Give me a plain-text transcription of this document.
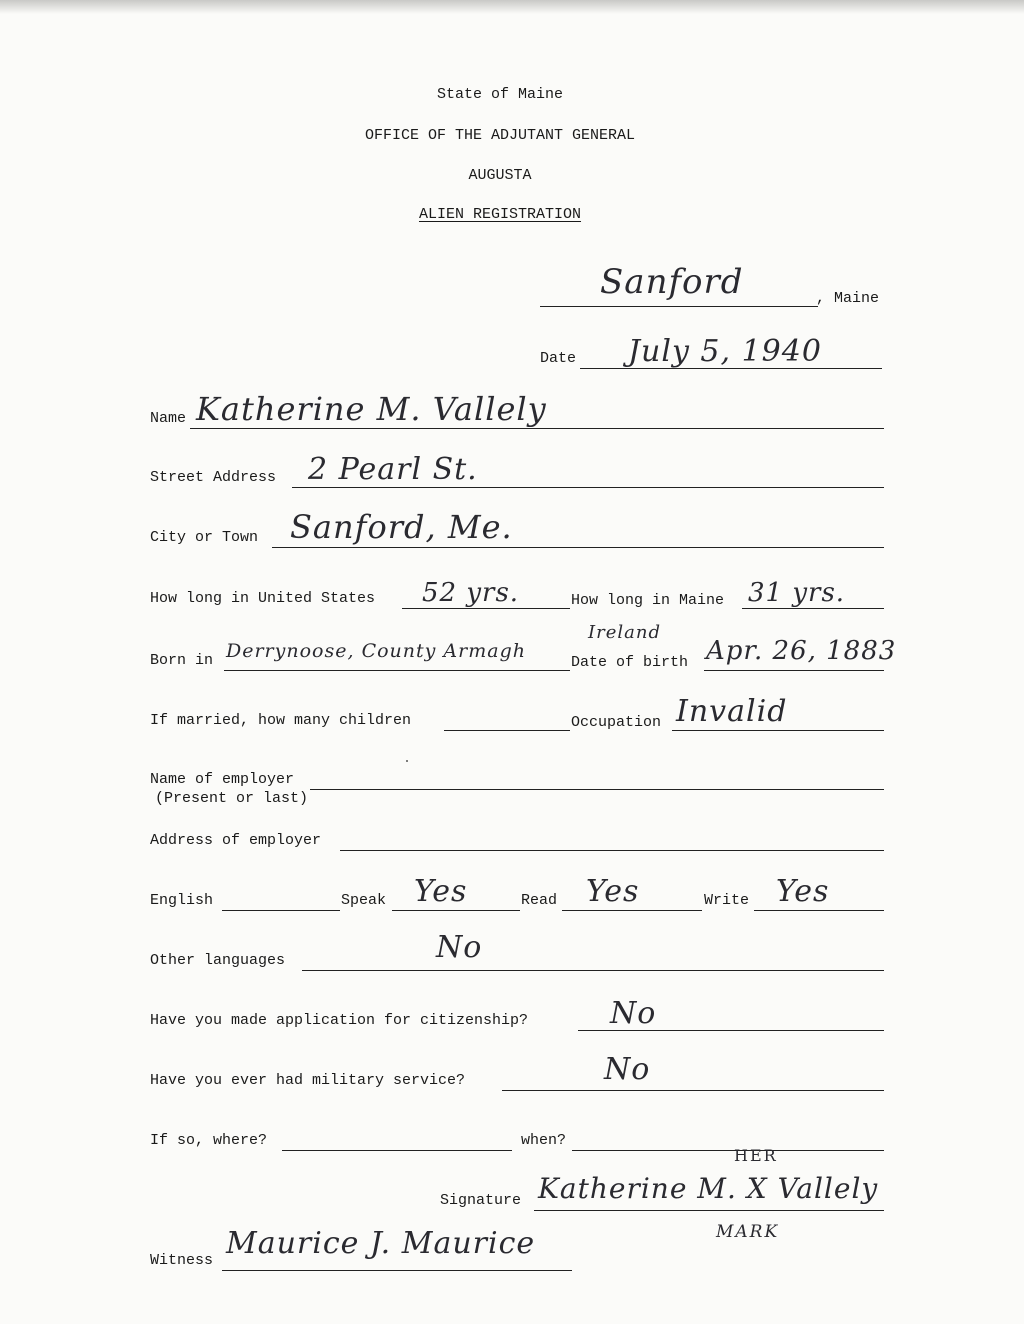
State of Maine
OFFICE OF THE ADJUTANT GENERAL
AUGUSTA
ALIEN REGISTRATION
Sanford	, Maine
Date July 5, 1940
Name Katherine M. Vallely
Street Address 2 Pearl St.
City or Town Sanford, Me.
How long in United States 52 yrs.	How long in Maine 31 yrs.
Born in Derrynoose, County Armagh
Ireland
Date of birth Apr. 26, 1883
If married, how many children	Occupation Invalid
Name of employer
(Present or last)
Address of employer
English	Speak Yes	Read Yes	Write Yes
Other languages	No
Have you made application for citizenship?	No
Have you ever had military service?	No
If so, where?	when?
Signature Katherine M. X Vallely
HER
MARK
Witness Maurice J. Maurice
